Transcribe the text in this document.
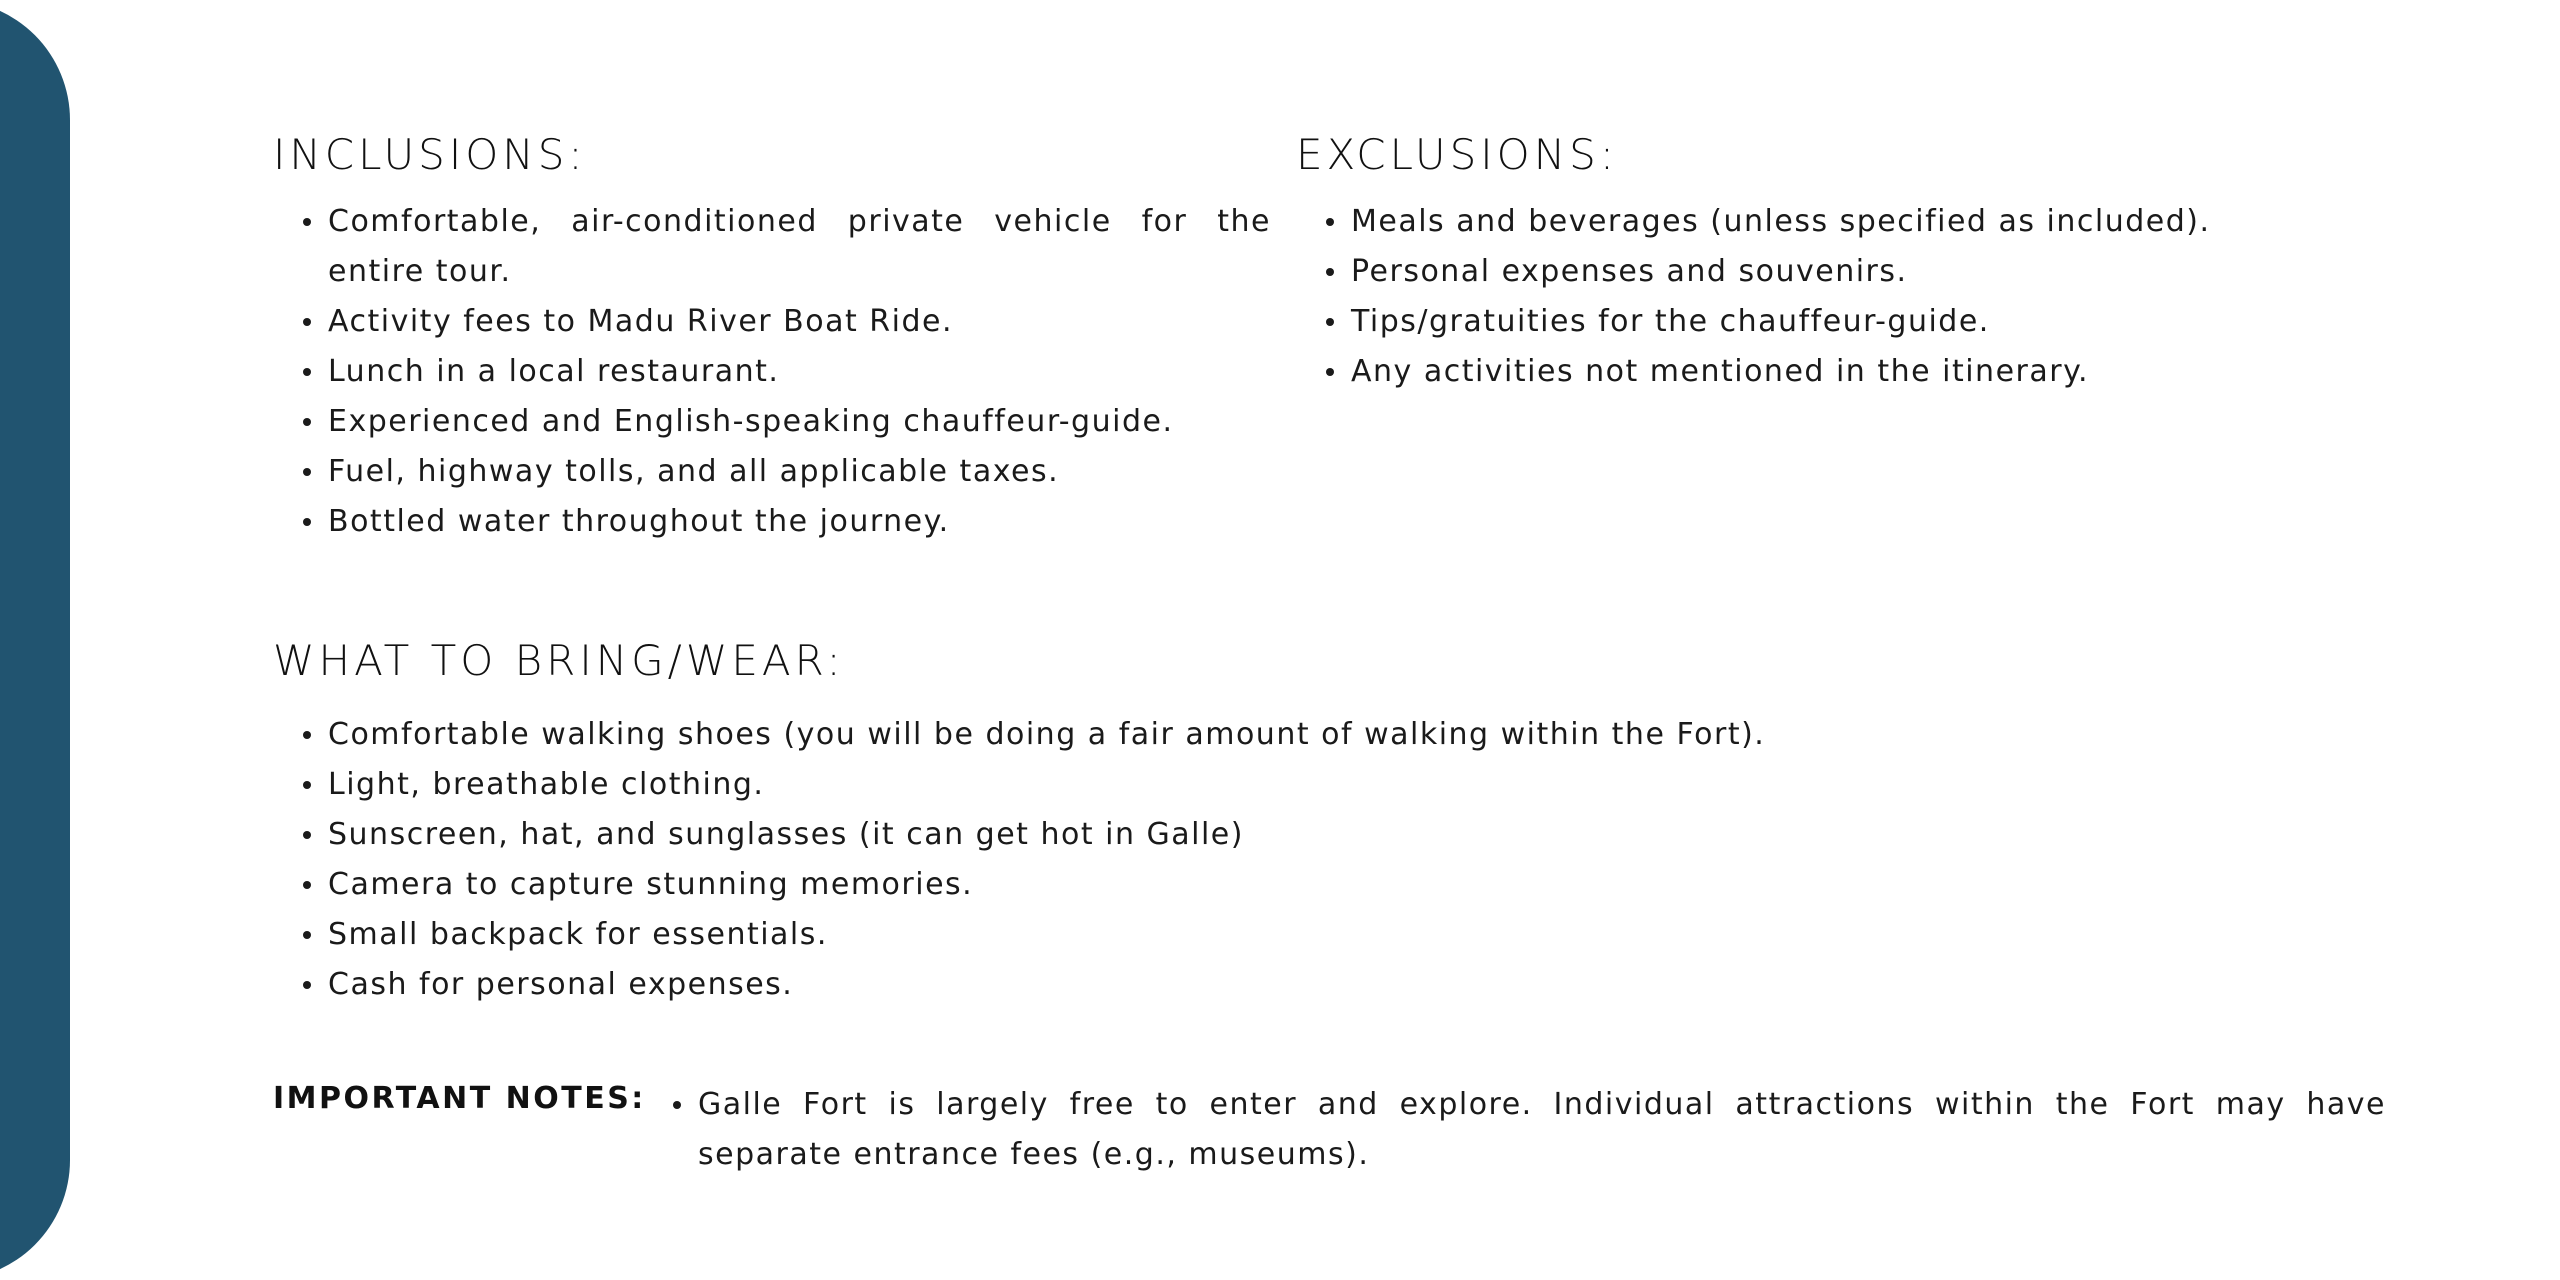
INCLUSIONS:
Comfortable, air-conditioned private vehicle for the entire tour.
Activity fees to Madu River Boat Ride.
Lunch in a local restaurant.
Experienced and English-speaking chauffeur-guide.
Fuel, highway tolls, and all applicable taxes.
Bottled water throughout the journey.
EXCLUSIONS:
Meals and beverages (unless specified as included).
Personal expenses and souvenirs.
Tips/gratuities for the chauffeur-guide.
Any activities not mentioned in the itinerary.
WHAT TO BRING/WEAR:
Comfortable walking shoes (you will be doing a fair amount of walking within the Fort).
Light, breathable clothing.
Sunscreen, hat, and sunglasses (it can get hot in Galle)
Camera to capture stunning memories.
Small backpack for essentials.
Cash for personal expenses.
IMPORTANT NOTES: Galle Fort is largely free to enter and explore. Individual attractions within the Fort may have separate entrance fees (e.g., museums).
